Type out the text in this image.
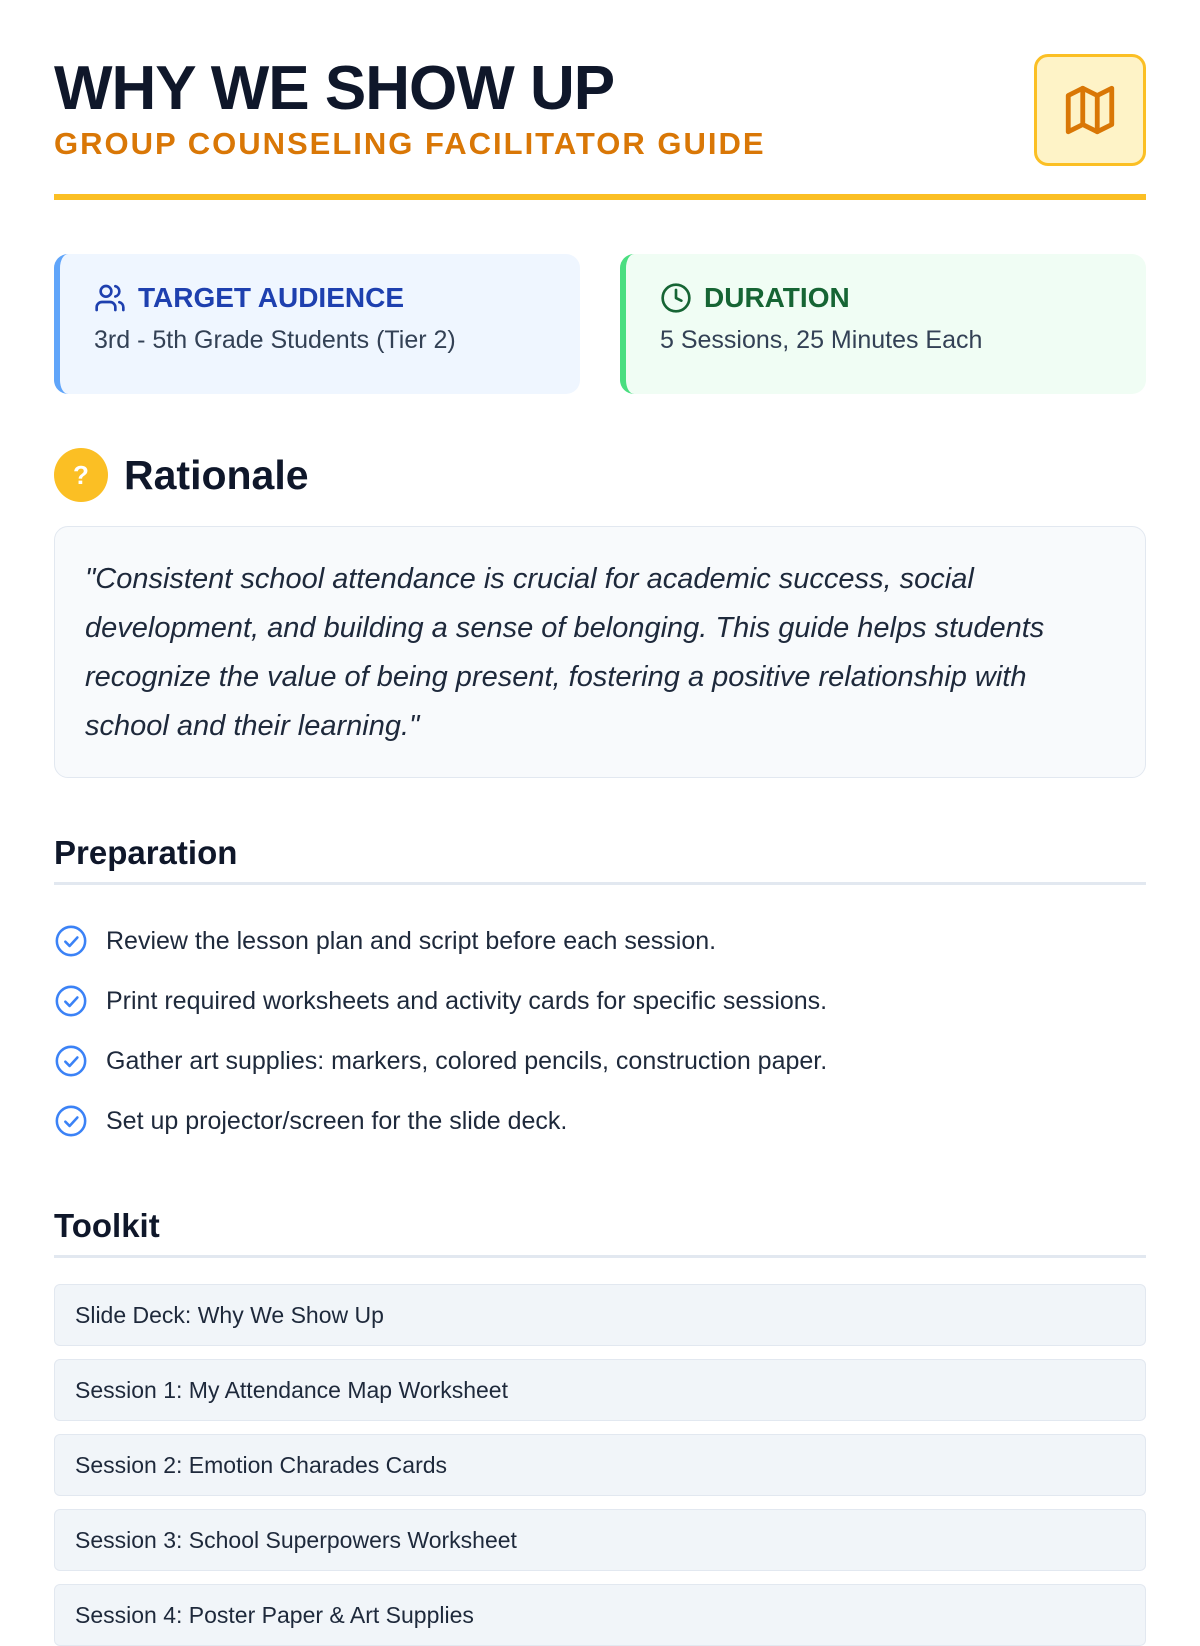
WHY WE SHOW UP
GROUP COUNSELING FACILITATOR GUIDE
TARGET AUDIENCE
3rd - 5th Grade Students (Tier 2)
DURATION
5 Sessions, 25 Minutes Each
? Rationale

"Consistent school attendance is crucial for academic success, social development, and building a sense of belonging. This guide helps students recognize the value of being present, fostering a positive relationship with school and their learning."

Preparation
Review the lesson plan and script before each session.
Print required worksheets and activity cards for specific sessions.
Gather art supplies: markers, colored pencils, construction paper.
Set up projector/screen for the slide deck.
Toolkit
Slide Deck: Why We Show Up
Session 1: My Attendance Map Worksheet
Session 2: Emotion Charades Cards
Session 3: School Superpowers Worksheet
Session 4: Poster Paper & Art Supplies
